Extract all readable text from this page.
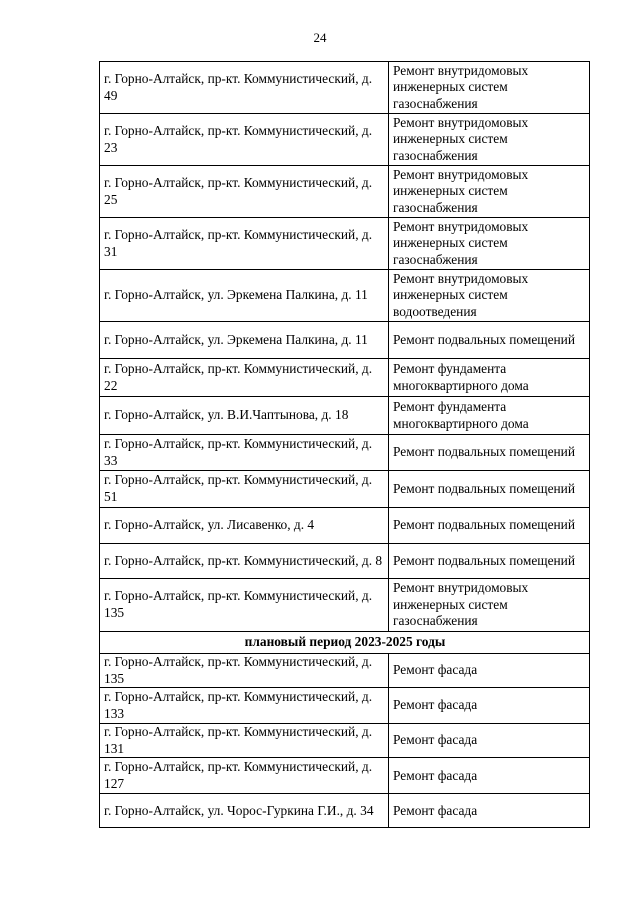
24
г. Горно-Алтайск, пр-кт. Коммунистический, д. 49	Ремонт внутридомовых инженерных систем газоснабжения
г. Горно-Алтайск, пр-кт. Коммунистический, д. 23	Ремонт внутридомовых инженерных систем газоснабжения
г. Горно-Алтайск, пр-кт. Коммунистический, д. 25	Ремонт внутридомовых инженерных систем газоснабжения
г. Горно-Алтайск, пр-кт. Коммунистический, д. 31	Ремонт внутридомовых инженерных систем газоснабжения
г. Горно-Алтайск, ул. Эркемена Палкина, д. 11	Ремонт внутридомовых инженерных систем водоотведения
г. Горно-Алтайск, ул. Эркемена Палкина, д. 11	Ремонт подвальных помещений
г. Горно-Алтайск, пр-кт. Коммунистический, д. 22	Ремонт фундамента многоквартирного дома
г. Горно-Алтайск, ул. В.И.Чаптынова, д. 18	Ремонт фундамента многоквартирного дома
г. Горно-Алтайск, пр-кт. Коммунистический, д. 33	Ремонт подвальных помещений
г. Горно-Алтайск, пр-кт. Коммунистический, д. 51	Ремонт подвальных помещений
г. Горно-Алтайск, ул. Лисавенко, д. 4	Ремонт подвальных помещений
г. Горно-Алтайск, пр-кт. Коммунистический, д. 8	Ремонт подвальных помещений
г. Горно-Алтайск, пр-кт. Коммунистический, д. 135	Ремонт внутридомовых инженерных систем газоснабжения
плановый период 2023-2025 годы	
г. Горно-Алтайск, пр-кт. Коммунистический, д. 135	Ремонт фасада
г. Горно-Алтайск, пр-кт. Коммунистический, д. 133	Ремонт фасада
г. Горно-Алтайск, пр-кт. Коммунистический, д. 131	Ремонт фасада
г. Горно-Алтайск, пр-кт. Коммунистический, д. 127	Ремонт фасада
г. Горно-Алтайск, ул. Чорос-Гуркина Г.И., д. 34	Ремонт фасада
